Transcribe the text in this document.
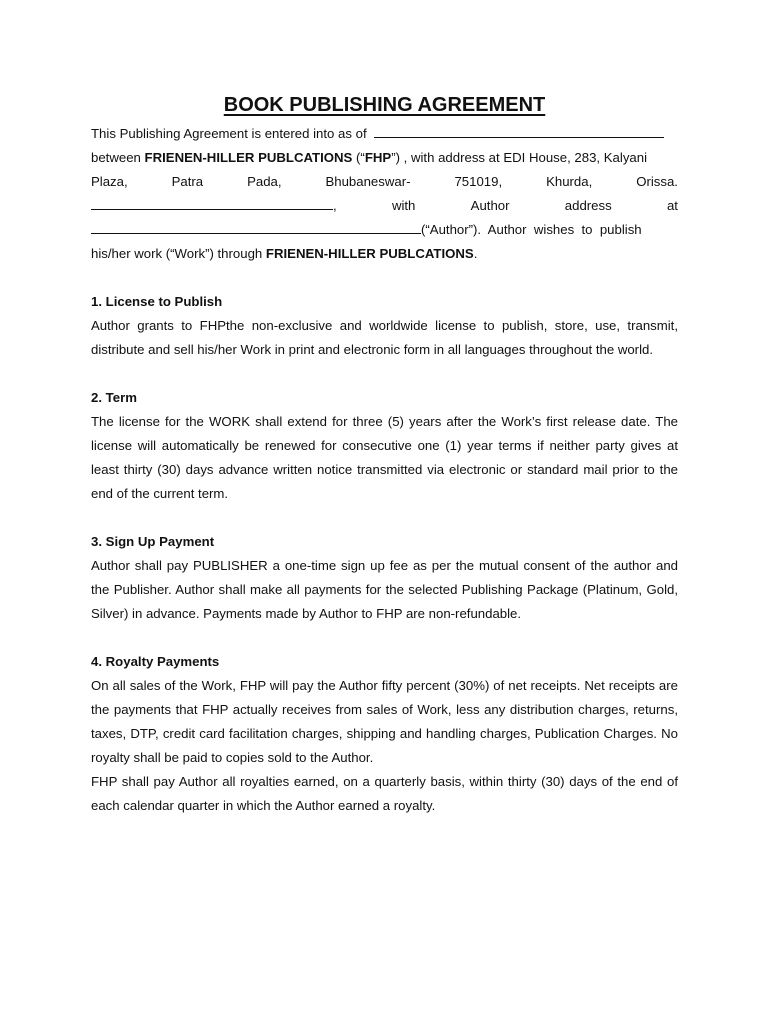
BOOK PUBLISHING AGREEMENT
This Publishing Agreement is entered into as of
between FRIENEN-HILLER PUBLCATIONS (“FHP”) , with address at EDI House, 283, Kalyani
Plaza,	Patra	Pada,	Bhubaneswar-	751019,	Khurda,	Orissa.
,	with	Author	address	at
(“Author”).  Author  wishes  to  publish
his/her work (“Work”) through FRIENEN-HILLER PUBLCATIONS.
1. License to Publish

Author grants to FHPthe non-exclusive and worldwide license to publish, store, use, transmit, distribute and sell his/her Work in print and electronic form in all languages throughout the world.

2. Term

The license for the WORK shall extend for three (5) years after the Work’s first release date. The license will automatically be renewed for consecutive one (1) year terms if neither party gives at least thirty (30) days advance written notice transmitted via electronic or standard mail prior to the end of the current term.

3. Sign Up Payment

Author shall pay PUBLISHER a one-time sign up fee as per the mutual consent of the author and the Publisher. Author shall make all payments for the selected Publishing Package (Platinum, Gold, Silver) in advance. Payments made by Author to FHP are non-refundable.

4. Royalty Payments

On all sales of the Work, FHP will pay the Author fifty percent (30%) of net receipts. Net receipts are the payments that FHP actually receives from sales of Work, less any distribution charges, returns, taxes, DTP, credit card facilitation charges, shipping and handling charges, Publication Charges. No royalty shall be paid to copies sold to the Author.

FHP shall pay Author all royalties earned, on a quarterly basis, within thirty (30) days of the end of each calendar quarter in which the Author earned a royalty.
